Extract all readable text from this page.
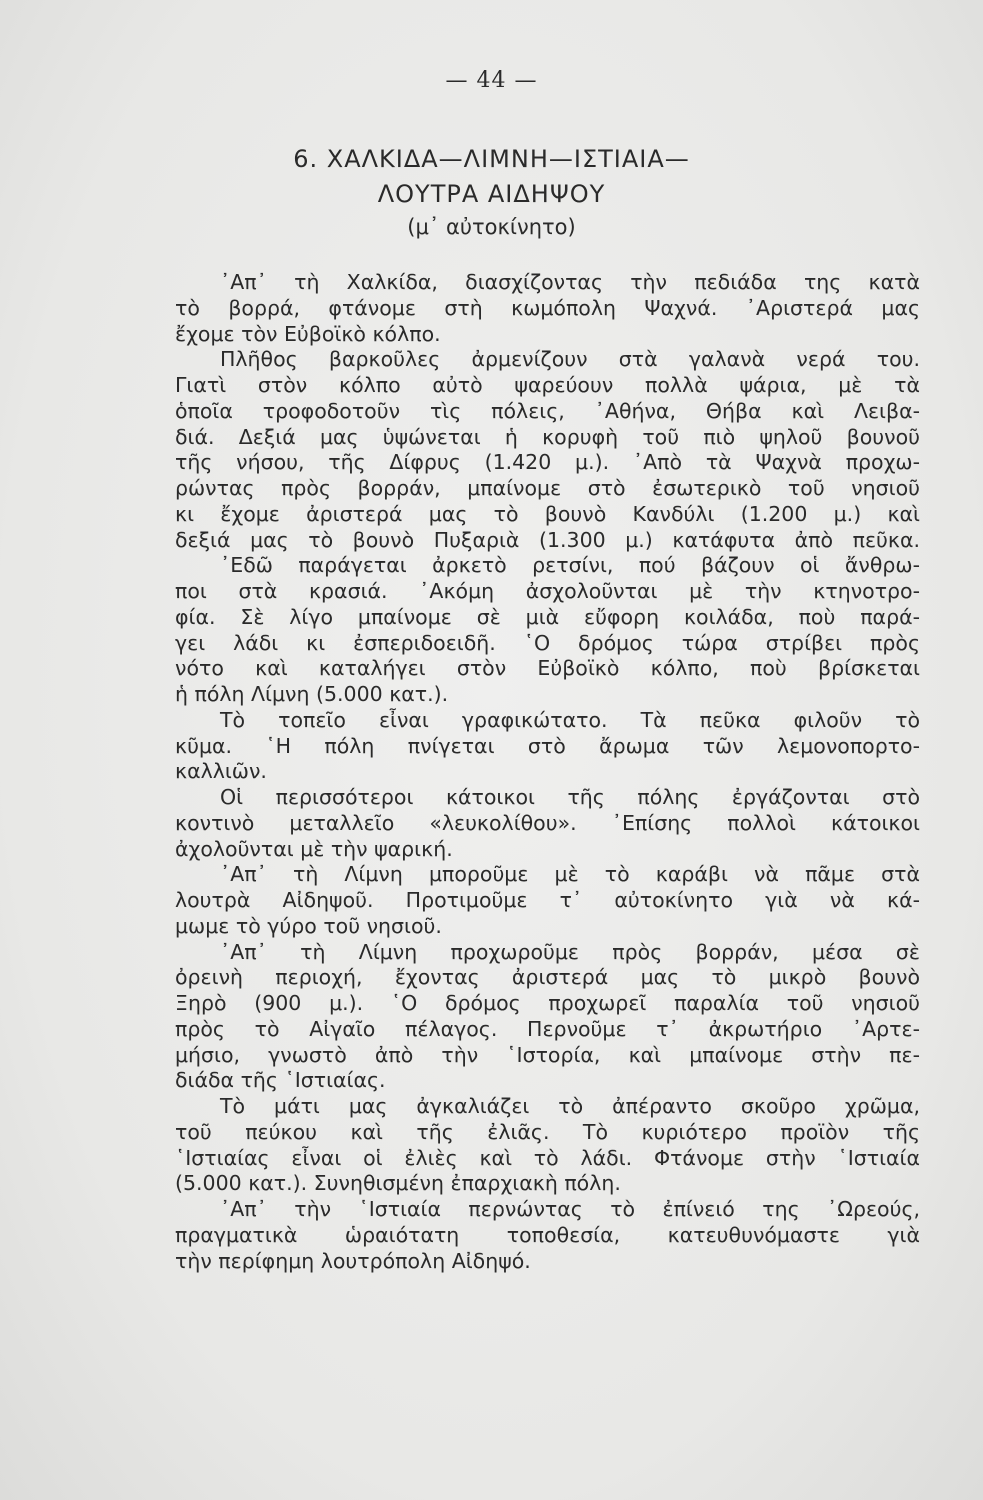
— 44 —
6. ΧΑΛΚΙΔΑ—ΛΙΜΝΗ—ΙΣΤΙΑΙΑ—
ΛΟΥΤΡΑ ΑΙΔΗΨΟΥ
(μ᾿ αὐτοκίνητο)
᾿Απ᾿ τὴ Χαλκίδα, διασχίζοντας τὴν πεδιάδα της κατὰ
τὸ βορρά, φτάνομε στὴ κωμόπολη Ψαχνά. ᾿Αριστερά μας
ἔχομε τὸν Εὐβοϊκὸ κόλπο.
Πλῆθος βαρκοῦλες ἀρμενίζουν στὰ γαλανὰ νερά του.
Γιατὶ στὸν κόλπο αὐτὸ ψαρεύουν πολλὰ ψάρια, μὲ τὰ
ὁποῖα τροφοδοτοῦν τὶς πόλεις, ᾿Αθήνα, Θήβα καὶ Λειβα-
διά. Δεξιά μας ὑψώνεται ἡ κορυφὴ τοῦ πιὸ ψηλοῦ βουνοῦ
τῆς νήσου, τῆς Δίφρυς (1.420 μ.). ᾿Απὸ τὰ Ψαχνὰ προχω-
ρώντας πρὸς βορράν, μπαίνομε στὸ ἐσωτερικὸ τοῦ νησιοῦ
κι ἔχομε ἀριστερά μας τὸ βουνὸ Κανδύλι (1.200 μ.) καὶ
δεξιά μας τὸ βουνὸ Πυξαριὰ (1.300 μ.) κατάφυτα ἀπὸ πεῦκα.
᾿Εδῶ παράγεται ἀρκετὸ ρετσίνι, πού βάζουν οἱ ἄνθρω-
ποι στὰ κρασιά. ᾿Ακόμη ἀσχολοῦνται μὲ τὴν κτηνοτρο-
φία. Σὲ λίγο μπαίνομε σὲ μιὰ εὔφορη κοιλάδα, ποὺ παρά-
γει λάδι κι ἐσπεριδοειδῆ. ῾Ο δρόμος τώρα στρίβει πρὸς
νότο καὶ καταλήγει στὸν Εὐβοϊκὸ κόλπο, ποὺ βρίσκεται
ἡ πόλη Λίμνη (5.000 κατ.).
Τὸ τοπεῖο εἶναι γραφικώτατο. Τὰ πεῦκα φιλοῦν τὸ
κῦμα. ῾Η πόλη πνίγεται στὸ ἄρωμα τῶν λεμονοπορτο-
καλλιῶν.
Οἱ περισσότεροι κάτοικοι τῆς πόλης ἐργάζονται στὸ
κοντινὸ μεταλλεῖο «λευκολίθου». ᾿Επίσης πολλοὶ κάτοικοι
ἀχολοῦνται μὲ τὴν ψαρική.
᾿Απ᾿ τὴ Λίμνη μποροῦμε μὲ τὸ καράβι νὰ πᾶμε στὰ
λουτρὰ Αἰδηψοῦ. Προτιμοῦμε τ᾿ αὐτοκίνητο γιὰ νὰ κά-
μωμε τὸ γύρο τοῦ νησιοῦ.
᾿Απ᾿ τὴ Λίμνη προχωροῦμε πρὸς βορράν, μέσα σὲ
ὀρεινὴ περιοχή, ἔχοντας ἀριστερά μας τὸ μικρὸ βουνὸ
Ξηρὸ (900 μ.). ῾Ο δρόμος προχωρεῖ παραλία τοῦ νησιοῦ
πρὸς τὸ Αἰγαῖο πέλαγος. Περνοῦμε τ᾿ ἀκρωτήριο ᾿Αρτε-
μήσιο, γνωστὸ ἀπὸ τὴν ῾Ιστορία, καὶ μπαίνομε στὴν πε-
διάδα τῆς ῾Ιστιαίας.
Τὸ μάτι μας ἀγκαλιάζει τὸ ἀπέραντο σκοῦρο χρῶμα,
τοῦ πεύκου καὶ τῆς ἐλιᾶς. Τὸ κυριότερο προϊὸν τῆς
῾Ιστιαίας εἶναι οἱ ἐλιὲς καὶ τὸ λάδι. Φτάνομε στὴν ῾Ιστιαία
(5.000 κατ.). Συνηθισμένη ἐπαρχιακὴ πόλη.
᾿Απ᾿ τὴν ῾Ιστιαία περνώντας τὸ ἐπίνειό της ᾿Ωρεούς,
πραγματικὰ ὡραιότατη τοποθεσία, κατευθυνόμαστε γιὰ
τὴν περίφημη λουτρόπολη Αἰδηψό.
